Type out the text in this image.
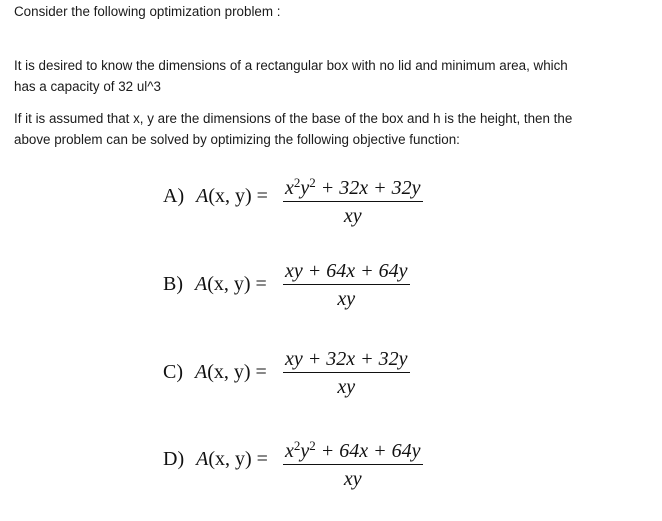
Consider the following optimization problem :
It is desired to know the dimensions of a rectangular box with no lid and minimum area, which
has a capacity of 32 ul^3
If it is assumed that x, y are the dimensions of the base of the box and h is the height, then the
above problem can be solved by optimizing the following objective function:
A) A(x, $y) = x^2y^2 + 32x + 32y$
xy
B) A(x, y) =
xy + 64x + 64y
xy
C) A(x, y) =
xy + 32x + 32y
xy
D) A(x, $y) = x^2y^2 + 64x + 64y$
xy
